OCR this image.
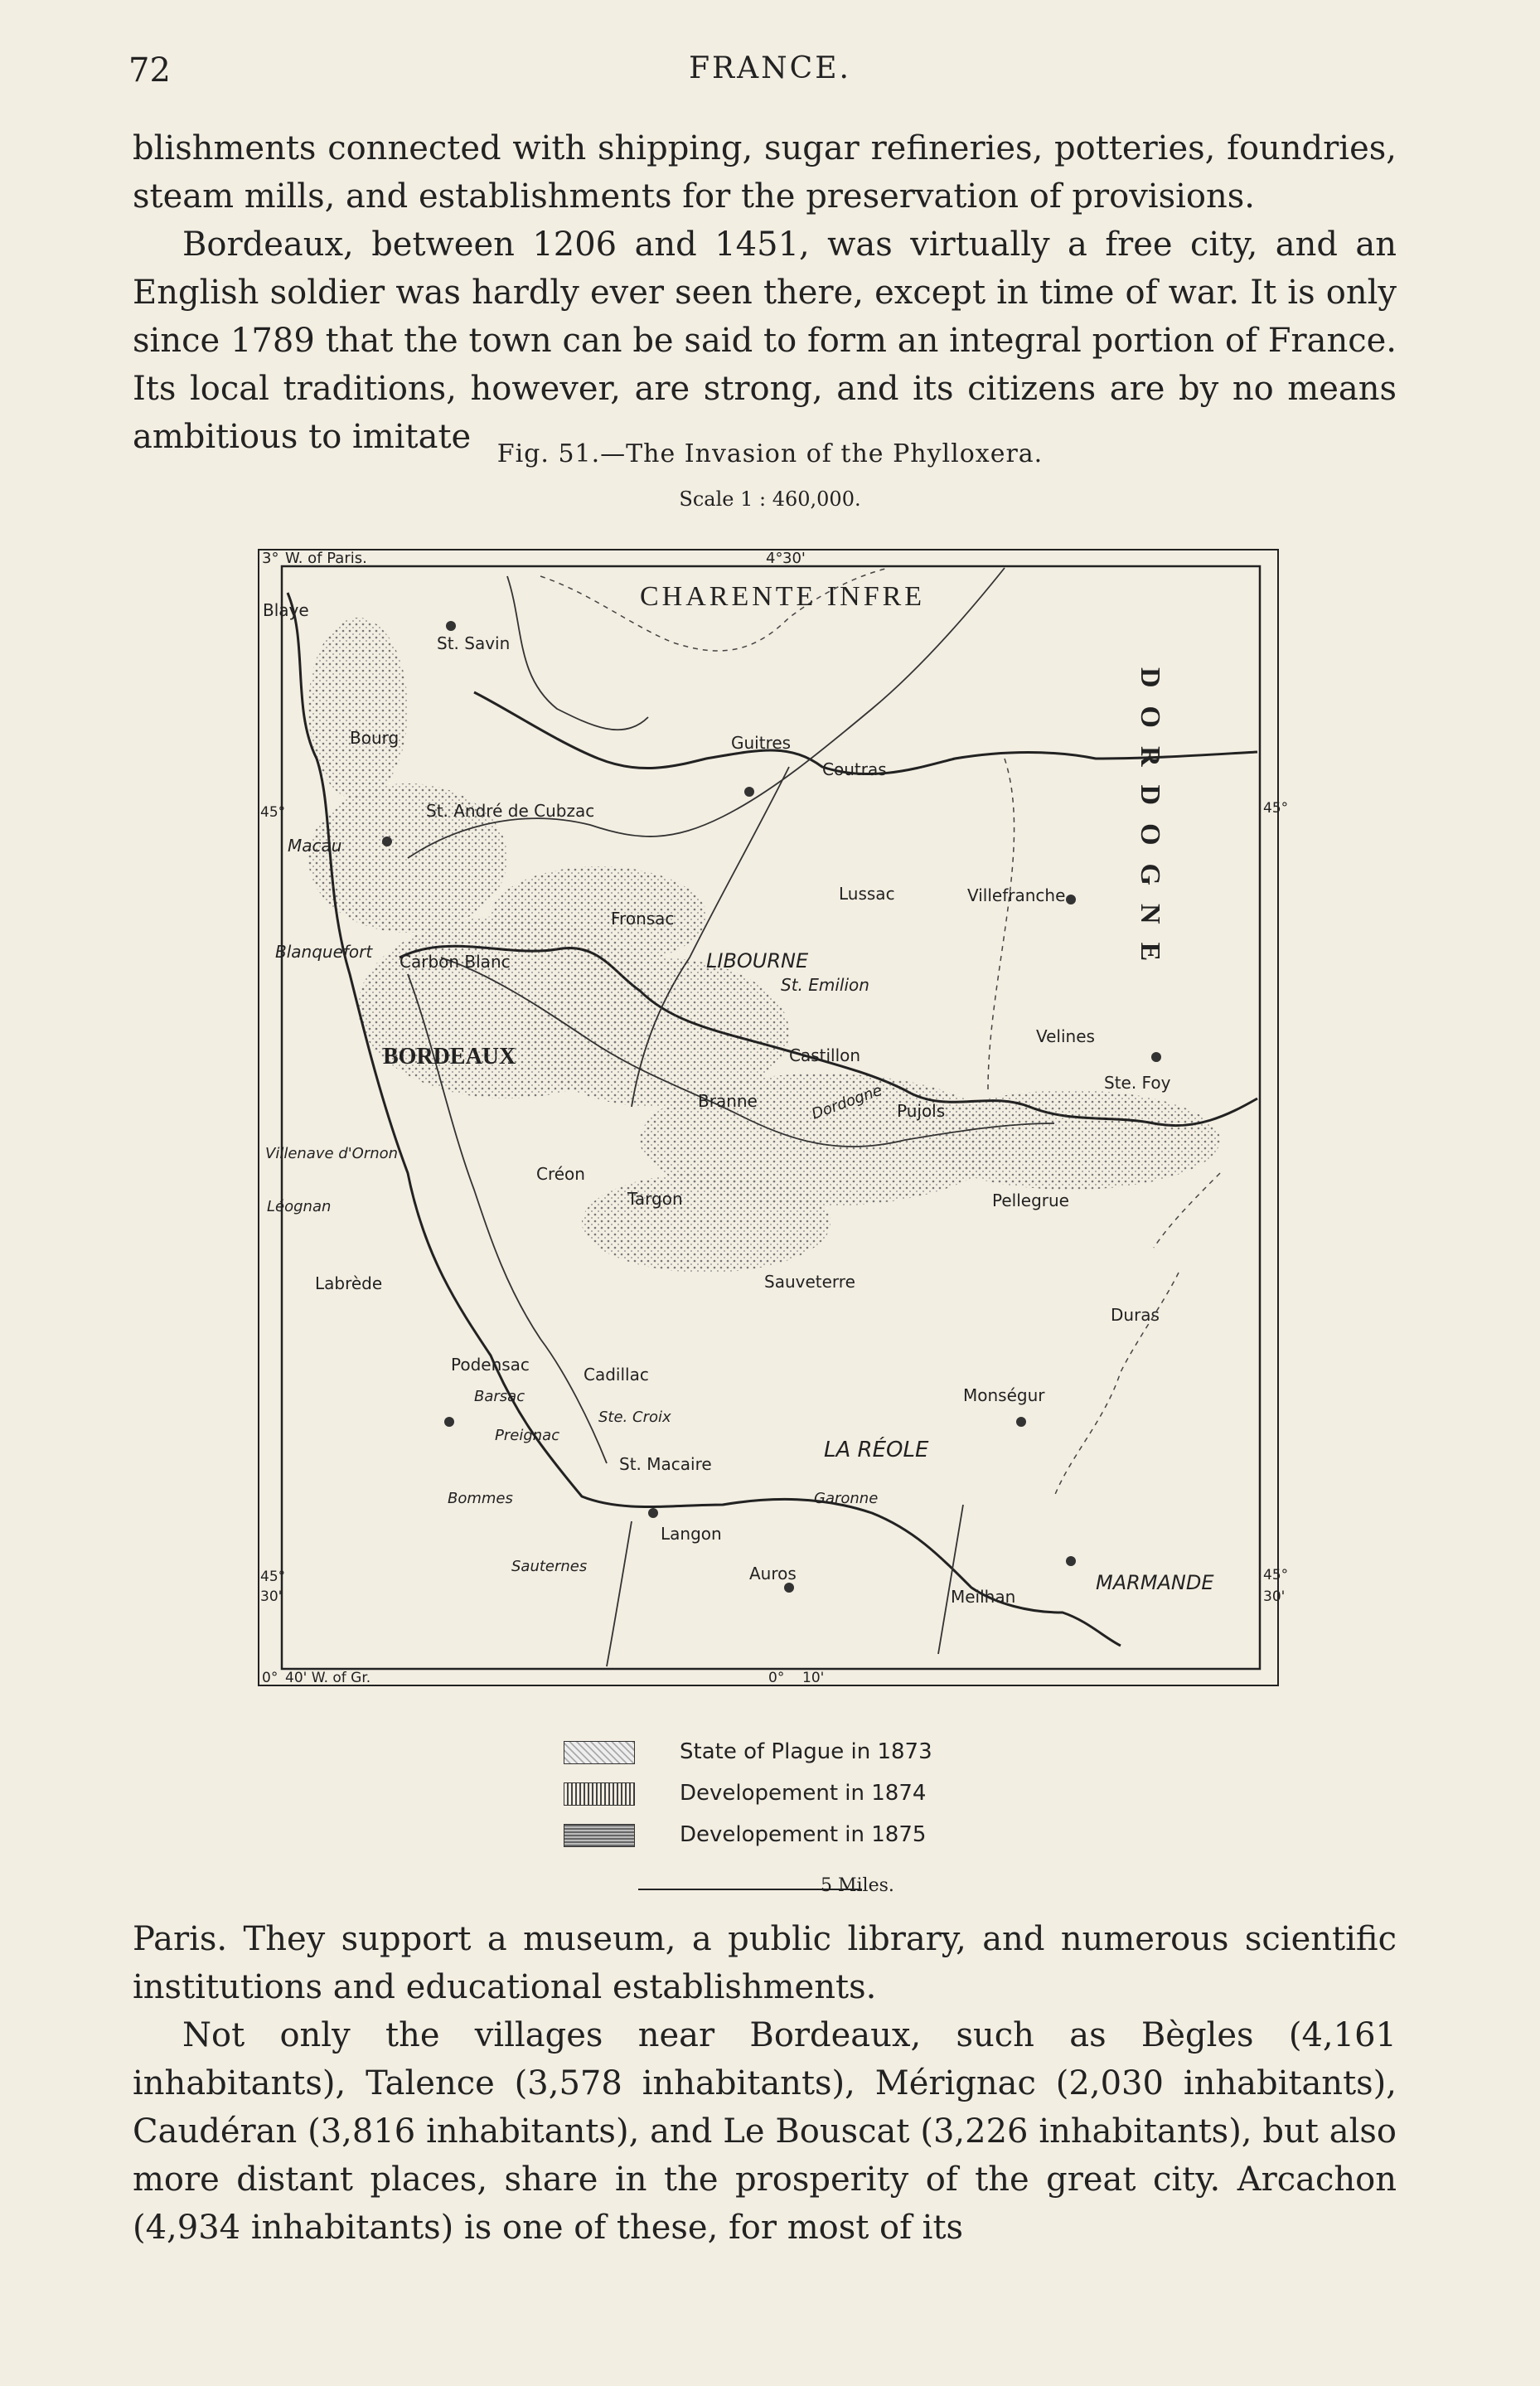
72	FRANCE.

blishments connected with shipping, sugar refineries, potteries, foundries, steam mills, and establishments for the preservation of provisions.

Bordeaux, between 1206 and 1451, was virtually a free city, and an English soldier was hardly ever seen there, except in time of war. It is only since 1789 that the town can be said to form an integral portion of France. Its local traditions, however, are strong, and its citizens are by no means ambitious to imitate	Fig. 51.—The Invasion of the Phylloxera.
Scale 1 : 460,000.
3° W. of Paris.	4° 30'
45°	45°
45°
30'
45°
30'
0° 40' W. of Gr.	0° 10'
CHARENTE INFRE
DORDOGNE
Blaye
St. Savin
Bourg	Guitres
Coutras
St. André de Cubzac
Macau
Lussac	Villefranche
Fronsac
Blanquefort Carbon Blanc	LIBOURNE
St. Emilion
Velines
BORDEAUX	Castillon
Ste. Foy
Branne	Pujols
Dordogne
Villenave d'Ornon
Créon
Léognan	Targon	Pellegrue
Labrède	Sauveterre
Duras
Podensac	Cadillac
Barsac
Ste. Croix
Monségur
Preignac
St. Macaire
LA RÉOLE
Bommes	Garonne
Langon
Sauternes	Auros
Meilhan
MARMANDE
State of Plague in 1873
Developement in 1874
Developement in 1875
5 Miles.

Paris. They support a museum, a public library, and numerous scientific institutions and educational establishments.

Not only the villages near Bordeaux, such as Bègles (4,161 inhabitants), Talence (3,578 inhabitants), Mérignac (2,030 inhabitants), Caudéran (3,816 inhabitants), and Le Bouscat (3,226 inhabitants), but also more distant places, share in the prosperity of the great city. Arcachon (4,934 inhabitants) is one of these, for most of its
